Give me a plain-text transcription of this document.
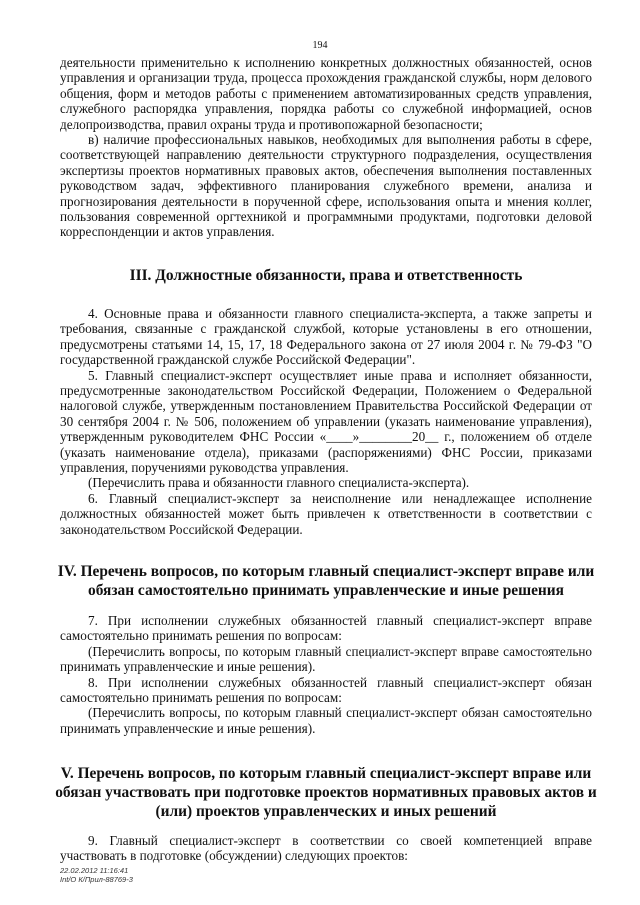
194

деятельности применительно к исполнению конкретных должностных обязанностей, основ управления и организации труда, процесса прохождения гражданской службы, норм делового общения, форм и методов работы с применением автоматизированных средств управления, служебного распорядка управления, порядка работы со служебной информацией, основ делопроизводства, правил охраны труда и противопожарной безопасности;

в) наличие профессиональных навыков, необходимых для выполнения работы в сфере, соответствующей направлению деятельности структурного подразделения, осуществления экспертизы проектов нормативных правовых актов, обеспечения выполнения поставленных руководством задач, эффективного планирования служебного времени, анализа и прогнозирования деятельности в порученной сфере, использования опыта и мнения коллег, пользования современной оргтехникой и программными продуктами, подготовки деловой корреспонденции и актов управления.

III. Должностные обязанности, права и ответственность

4. Основные права и обязанности главного специалиста-эксперта, а также запреты и требования, связанные с гражданской службой, которые установлены в его отношении, предусмотрены статьями 14, 15, 17, 18 Федерального закона от 27 июля 2004 г. № 79-ФЗ "О государственной гражданской службе Российской Федерации".

5. Главный специалист-эксперт осуществляет иные права и исполняет обязанности, предусмотренные законодательством Российской Федерации, Положением о Федеральной налоговой службе, утвержденным постановлением Правительства Российской Федерации от 30 сентября 2004 г. № 506, положением об управлении (указать наименование управления), утвержденным руководителем ФНС России «____»________20__ г., положением об отделе (указать наименование отдела), приказами (распоряжениями) ФНС России, приказами управления, поручениями руководства управления.

(Перечислить права и обязанности главного специалиста-эксперта).

6. Главный специалист-эксперт за неисполнение или ненадлежащее исполнение должностных обязанностей может быть привлечен к ответственности в соответствии с законодательством Российской Федерации.

IV. Перечень вопросов, по которым главный специалист-эксперт вправе или обязан самостоятельно принимать управленческие и иные решения

7. При исполнении служебных обязанностей главный специалист-эксперт вправе самостоятельно принимать решения по вопросам:

(Перечислить вопросы, по которым главный специалист-эксперт вправе самостоятельно принимать управленческие и иные решения).

8. При исполнении служебных обязанностей главный специалист-эксперт обязан самостоятельно принимать решения по вопросам:

(Перечислить вопросы, по которым главный специалист-эксперт обязан самостоятельно принимать управленческие и иные решения).

V. Перечень вопросов, по которым главный специалист-эксперт вправе или обязан участвовать при подготовке проектов нормативных правовых актов и (или) проектов управленческих и иных решений

9. Главный специалист-эксперт в соответствии со своей компетенцией вправе участвовать в подготовке (обсуждении) следующих проектов:

22.02.2012 11:16:41
Int/O К/Прил-88769-3
